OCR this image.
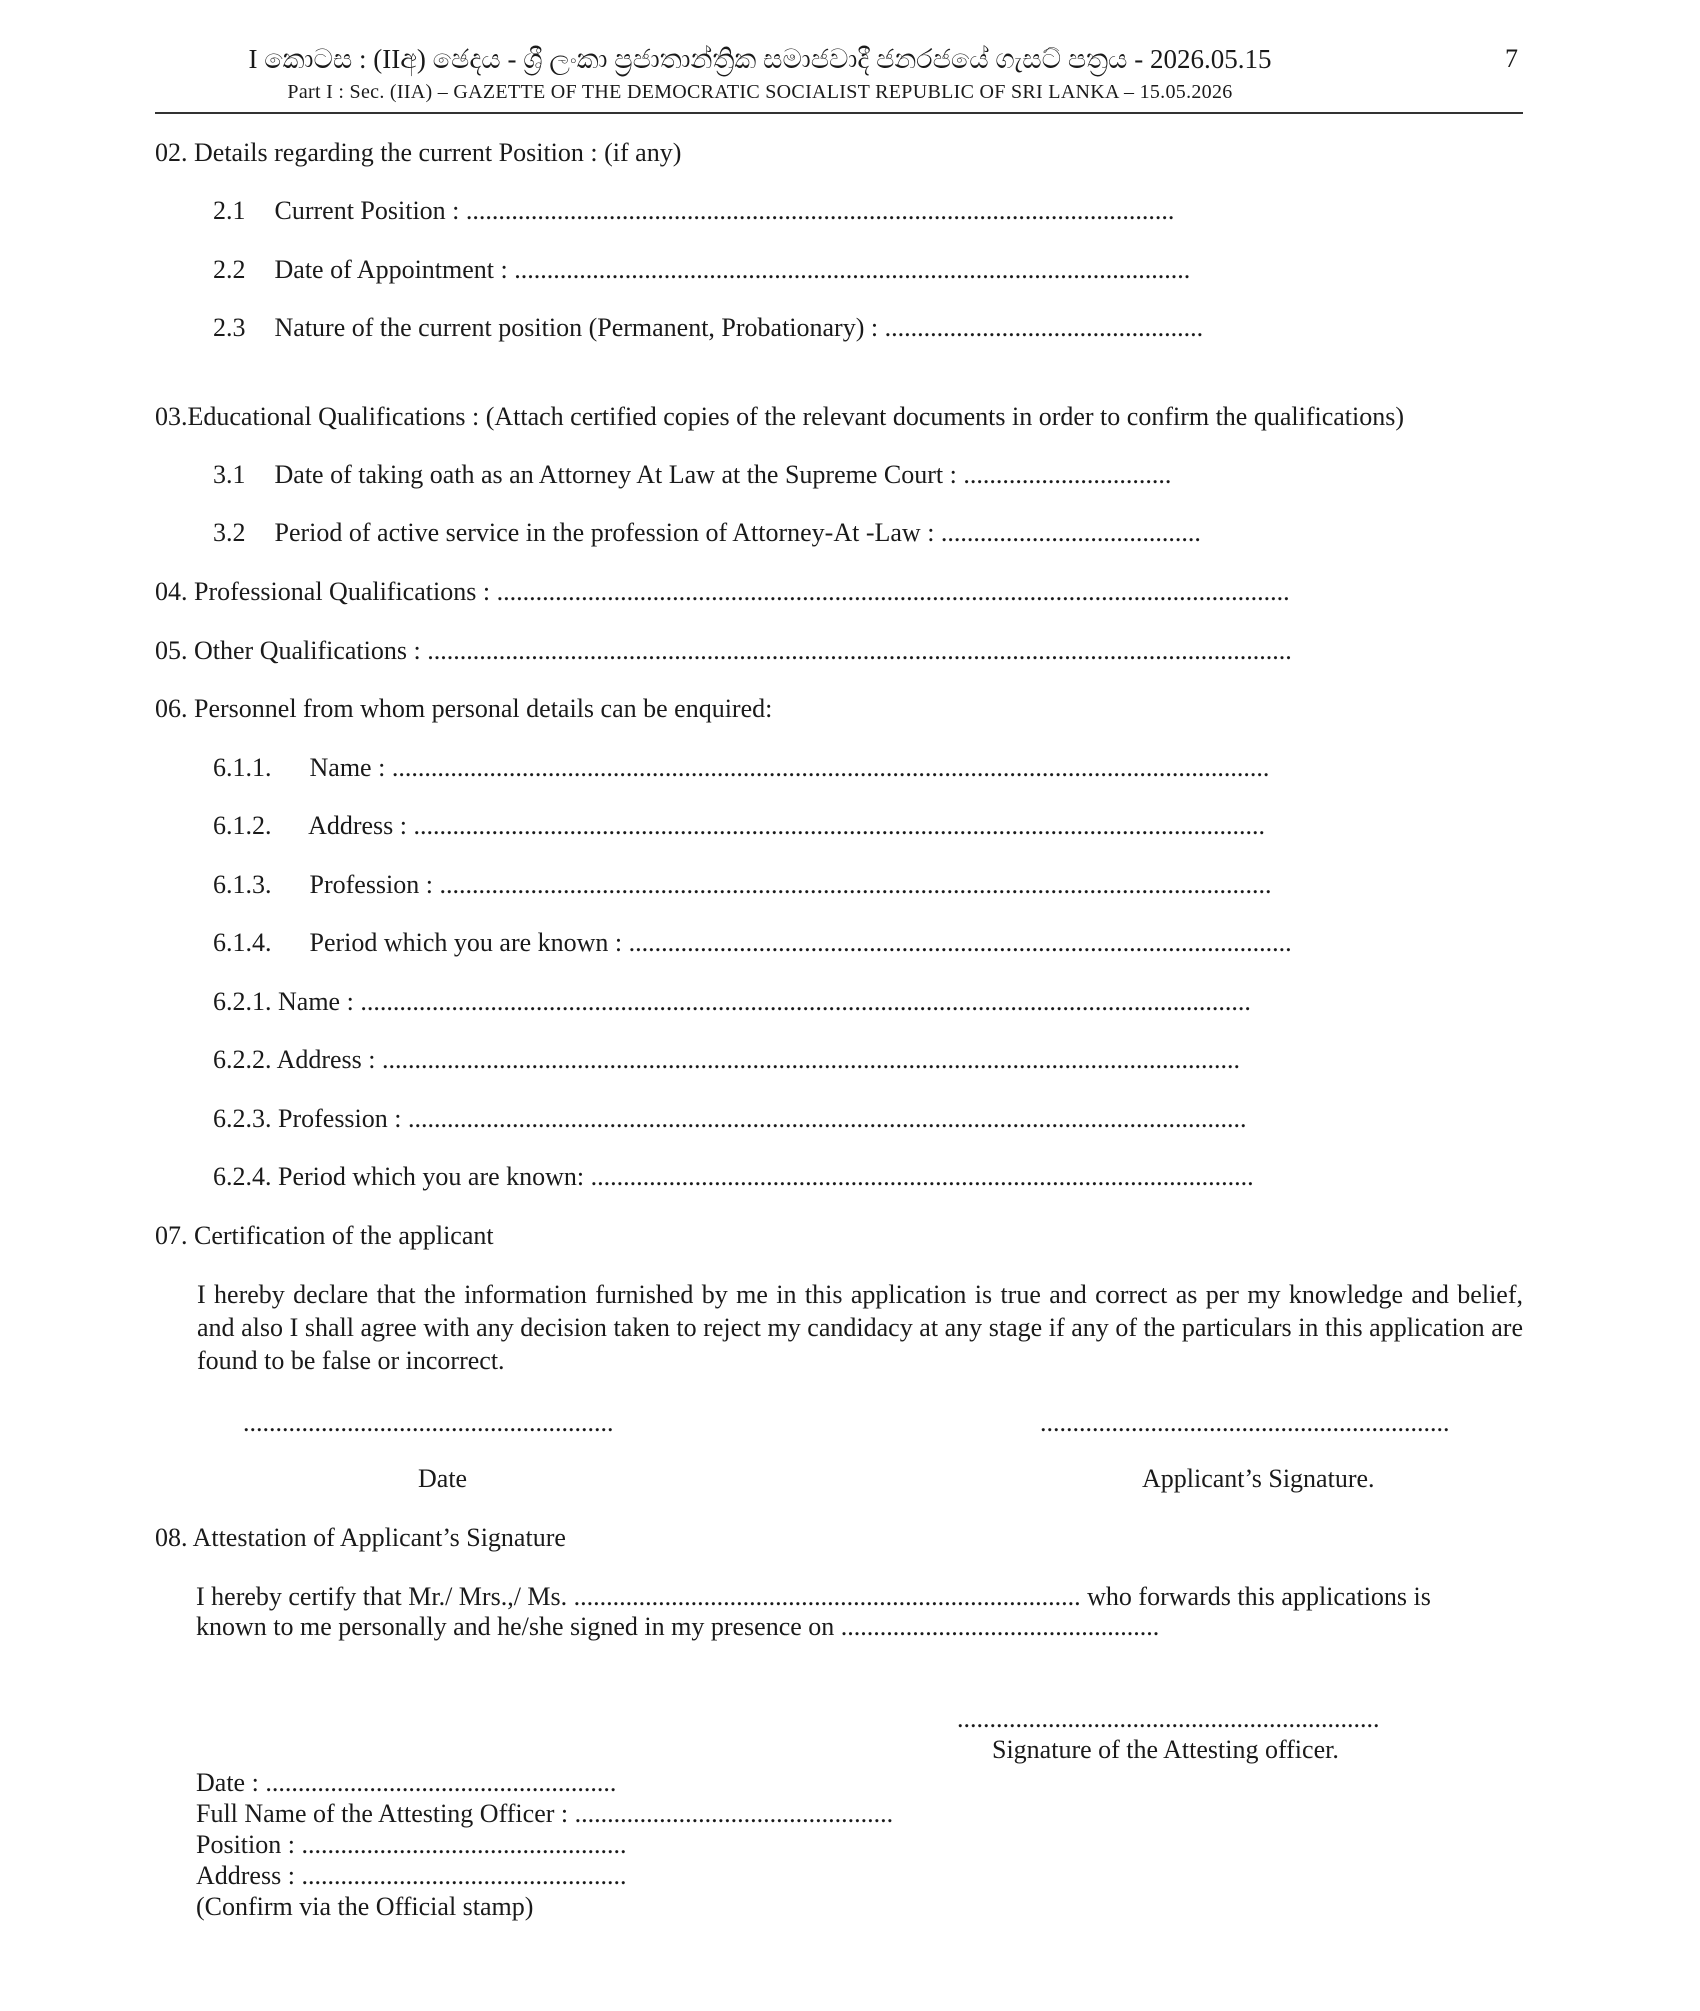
I කොටස : (IIඅ) ඡෙදය - ශ්‍රී ලංකා ප්‍රජාතාන්ත්‍රික සමාජවාදී ජනරජයේ ගැසට් පත්‍රය - 2026.05.15	7
Part I : Sec. (IIA) – GAZETTE OF THE DEMOCRATIC SOCIALIST REPUBLIC OF SRI LANKA – 15.05.2026
02. Details regarding the current Position : (if any)
2.1 Current Position : .............................................................................................................
2.2 Date of Appointment : ........................................................................................................
2.3 Nature of the current position (Permanent, Probationary) : .................................................
03.Educational Qualifications : (Attach certified copies of the relevant documents in order to confirm the qualifications)
3.1 Date of taking oath as an Attorney At Law at the Supreme Court : ................................
3.2 Period of active service in the profession of Attorney-At -Law : ........................................
04. Professional Qualifications : ..........................................................................................................................
05. Other Qualifications : .....................................................................................................................................
06. Personnel from whom personal details can be enquired:
6.1.1. Name : .......................................................................................................................................
6.1.2. Address : ...................................................................................................................................
6.1.3. Profession : ................................................................................................................................
6.1.4. Period which you are known : ......................................................................................................
6.2.1. Name : .........................................................................................................................................
6.2.2. Address : ....................................................................................................................................
6.2.3. Profession : .................................................................................................................................
6.2.4. Period which you are known: ......................................................................................................
07. Certification of the applicant
I hereby declare that the information furnished by me in this application is true and correct as per my knowledge and belief, and also I shall agree with any decision taken to reject my candidacy at any stage if any of the particulars in this application are found to be false or incorrect.
.........................................................	...............................................................
Date	Applicant’s Signature.
08. Attestation of Applicant’s Signature
I hereby certify that Mr./ Mrs.,/ Ms. .............................................................................. who forwards this applications is
known to me personally and he/she signed in my presence on .................................................
.................................................................
Signature of the Attesting officer.
Date : ......................................................
Full Name of the Attesting Officer : .................................................
Position : ..................................................
Address : ..................................................
(Confirm via the Official stamp)
